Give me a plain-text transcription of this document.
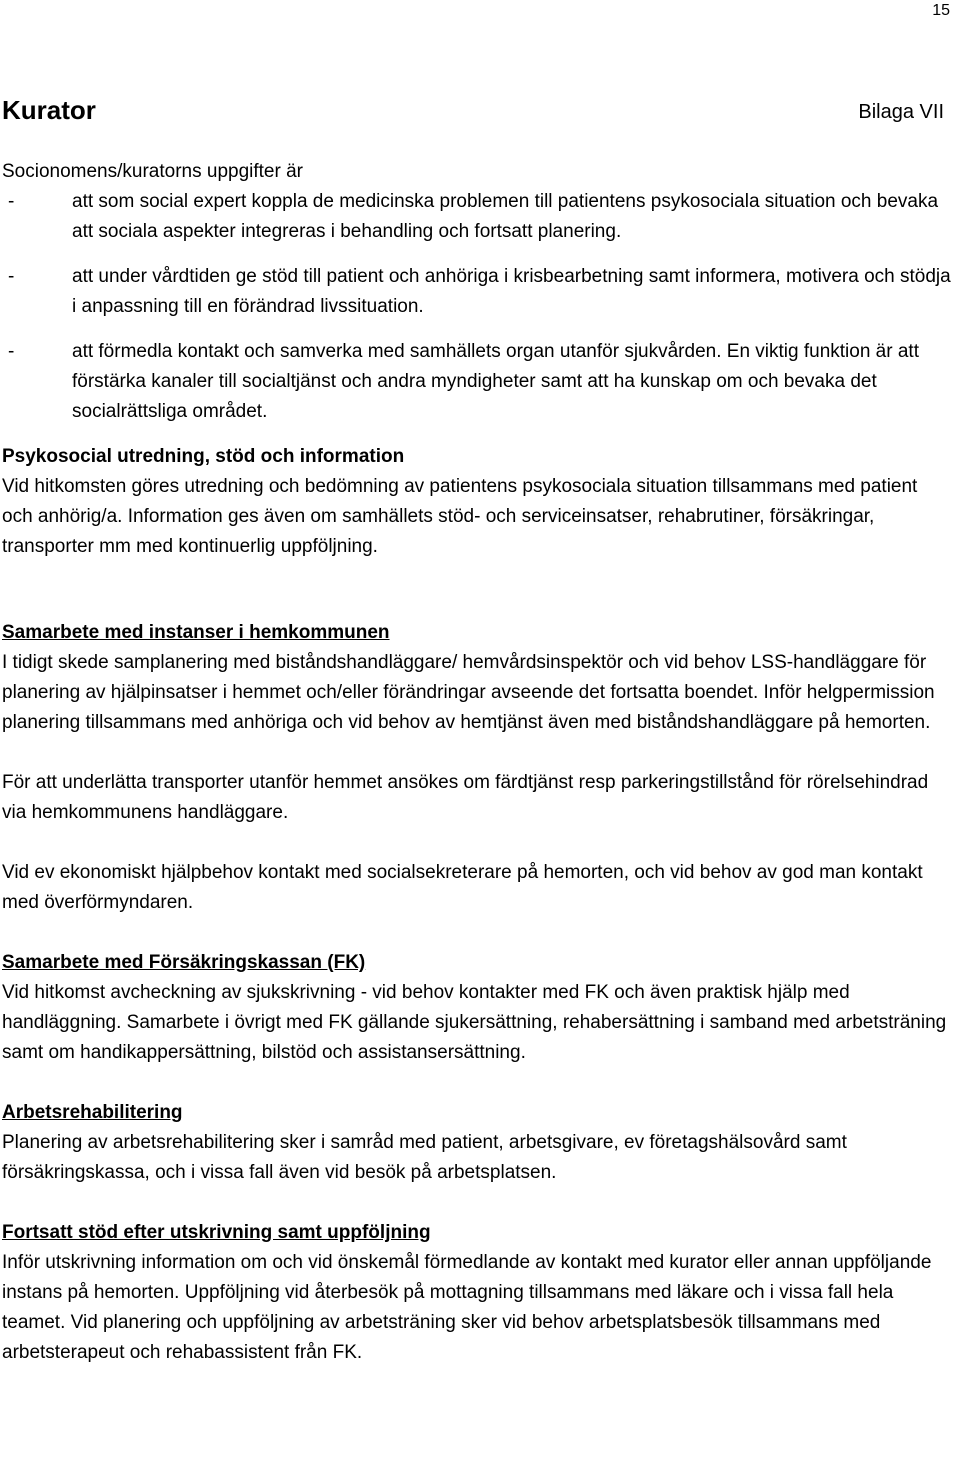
15
Kurator	Bilaga VII

Socionomens/kuratorns uppgifter är

-	att som social expert koppla de medicinska problemen till patientens psykosociala situation och bevaka att sociala aspekter integreras i behandling och fortsatt planering.

-	att under vårdtiden ge stöd till patient och anhöriga i krisbearbetning samt informera, motivera och stödja i anpassning till en förändrad livssituation.

-	att förmedla kontakt och samverka med samhällets organ utanför sjukvården. En viktig funktion är att förstärka kanaler till socialtjänst och andra myndigheter samt att ha kunskap om och bevaka det socialrättsliga området.

Psykosocial utredning, stöd och information

Vid hitkomsten göres utredning och bedömning av patientens psykosociala situation tillsammans med patient och anhörig/a. Information ges även om samhällets stöd- och serviceinsatser, rehabrutiner, försäkringar, transporter mm med kontinuerlig uppföljning.

Samarbete med instanser i hemkommunen

I tidigt skede samplanering med biståndshandläggare/ hemvårdsinspektör och vid behov LSS-handläggare för planering av hjälpinsatser i hemmet och/eller förändringar avseende det fortsatta boendet. Inför helgpermission planering tillsammans med anhöriga och vid behov av hemtjänst även med biståndshandläggare på hemorten.

För att underlätta transporter utanför hemmet ansökes om färdtjänst resp parkeringstillstånd för rörelsehindrad via hemkommunens handläggare.

Vid ev ekonomiskt hjälpbehov kontakt med socialsekreterare på hemorten, och vid behov av god man kontakt med överförmyndaren.

Samarbete med Försäkringskassan (FK)

Vid hitkomst avcheckning av sjukskrivning - vid behov kontakter med FK och även praktisk hjälp med handläggning. Samarbete i övrigt med FK gällande sjukersättning, rehabersättning i samband med arbetsträning samt om handikappersättning, bilstöd och assistansersättning.

Arbetsrehabilitering

Planering av arbetsrehabilitering sker i samråd med patient, arbetsgivare, ev företagshälsovård samt försäkringskassa, och i vissa fall även vid besök på arbetsplatsen.

Fortsatt stöd efter utskrivning samt uppföljning

Inför utskrivning information om och vid önskemål förmedlande av kontakt med kurator eller annan uppföljande instans på hemorten. Uppföljning vid återbesök på mottagning tillsammans med läkare och i vissa fall hela teamet. Vid planering och uppföljning av arbetsträning sker vid behov arbetsplatsbesök tillsammans med arbetsterapeut och rehabassistent från FK.
